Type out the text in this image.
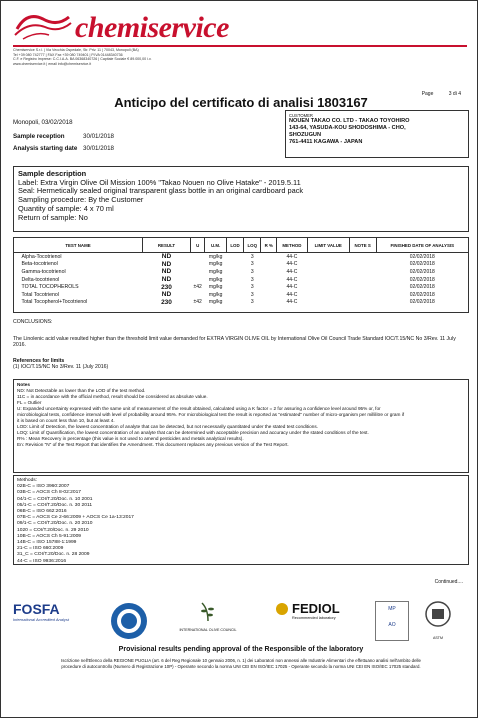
chemiservice
Chemiservice S.r.l. | Via Vecchia Ospedale, Str. Priv. 11 | 70043, Monopoli (BA)
Tel +39 080 742777 | FAX Fax +39 080 749401 | P.IVA 01448340736
C.F. e Registro Imprese: C.C.I.A.A. BA 06368340726 | Capitale Sociale € 89.000,00 i.v.
www.chemiservice.it | email info@chemiservice.it
Page	3 di 4
Anticipo del certificato di analisi 1803167
Monopoli, 03/02/2018
Sample reception	30/01/2018
Analysis starting date 30/01/2018
CUSTOMER
NOUEN TAKAO CO. LTD - TAKAO TOYOHIRO
143-64, YASUDA-KOU SHODOSHIMA - CHO,
SHOZUGUN
761-4411 KAGAWA - JAPAN
Sample description
Label: Extra Virgin Olive Oil Mission 100% "Takao Nouen no Olive Hatake" - 2019.5.11
Seal: Hermetically sealed original transparent glass bottle in an original cardboard pack
Sampling procedure: By the Customer
Quantity of sample: 4 x 70 ml
Return of sample: No
TEST NAME	RESULT	U	U.M.	LOD	LOQ	R %	METHOD	LIMIT VALUE	NOTE S	FINISHED DATE OF ANALYSIS
Alpha-Tocotrienol	ND		mg/kg		3		44-C			02/02/2018
Beta-tocotrienol	ND		mg/kg		3		44-C			02/02/2018
Gamma-tocotrienol	ND		mg/kg		3		44-C			02/02/2018
Delta-tocotrienol	ND		mg/kg		3		44-C			02/02/2018
TOTAL TOCOPHEROLS	230	±42	mg/kg		3		44-C			02/02/2018
Total Tocotrienol	ND		mg/kg		3		44-C			02/02/2018
Total Tocopherol+Tocotrienol	230	±42	mg/kg		3		44-C			02/02/2018
CONCLUSIONS:
The Linolenic acid value resulted higher than the threshold limit value demanded for EXTRA VIRGIN OLIVE OIL by International Olive Oil Council Trade Standard IOC/T.15/NC No 3/Rev. 11 July 2016.
References for limits
(1) IOC/T.15/NC No 3/Rev. 11 (July 2016)
Notes
ND: Not Detectable as lower than the LOD of the test method.
11C = in accordance with the official method, result should be considered as absolute value.
FL = Outlier
U: Expanded uncertainty expressed with the same unit of measurement of the result obtained, calculated using a K factor = 2 for assuring a confidence level around 95% or, for
microbiological tests, confidence interval with level of probability around 95%. For microbiological test the result is reported as "estimated" number of micro-organism per millilitre or gram if
it is based on count less than 10, but at least 4.
LOD: Limit of Detection, the lowest concentration of analyte that can be detected, but not necessarily quantitated under the stated test conditions.
LOQ: Limit of Quantification, the lowest concentration of an analyte that can be determined with acceptable precision and accuracy under the stated conditions of the test.
R% : Mean Recovery in percentage (this value is not used to amend pesticides and metals analytical results).
En: Revision "N" of the Test Report that identifies the Amendment. This document replaces any previous version of the Test Report.
Methods:
02B-C = ISO 3960:2007
03B-C = AOCS Ch 8-02:2017
04/1-C = COI/T.20/Doc. n. 10 2001
05/1-C = COI/T.20/Doc. n. 30 2011
06B-C = ISO 662:2016
07B-C = AOCS Ce 2-66:2009 + AOCS Ce 1a-13:2017
09/1-C = COI/T.20/Doc. n. 20 2010
1020 = COI/T.20/Doc. n. 29 2010
10B-C = AOCS Ch 5-91:2009
14B-C = ISO 15788-1:1999
21-C = ISO 660:2009
31_C = COI/T.20/Doc. n. 28 2009
44-C = ISO 9936:2016
Continued....
FOSFA
International Accredited Analyst
INTERNATIONAL OLIVE COUNCIL
FEDIOL
Recommended laboratory
MP
AO
ASTM
Provisional results pending approval of the Responsible of the laboratory
Iscrizione nell'Elenco della REGIONE PUGLIA (art. 6 del Reg Regionale 10 gennaio 2006, n. 1) dei Laboratori non annessi alle Industrie Alimentari che effettuano analisi nell'ambito delle
procedure di autocontrollo (Numero di Registrazione 10P) - Operante secondo la norma UNI CEI EN ISO/IEC 17025 - Operante secondo la norma UNI CEI EN ISO/IEC 17025 standard.
